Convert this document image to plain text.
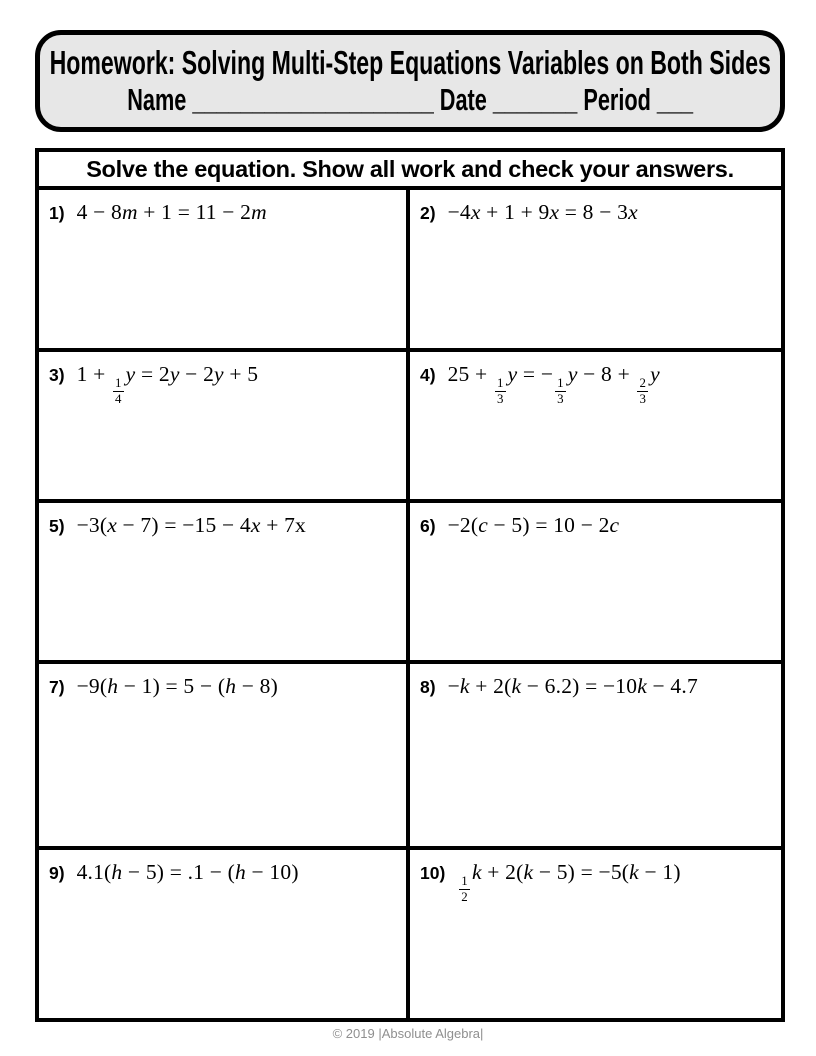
Homework: Solving Multi-Step Equations Variables on Both Sides
Name ____________________ Date _______ Period ___
Solve the equation. Show all work and check your answers.
1) 4 − 8m + 1 = 11 − 2m	2) −4x + 1 + 9x = 8 − 3x
3) 1 +
$\frac{1}{4}$
y = 2y − 2y + 5	4) 25 +
$\frac{1}{3}$
y = −
$\frac{1}{3}$
y − 8 +
$\frac{2}{3}$
y
5) −3(x − 7) = −15 − 4x + 7x	6) −2(c − 5) = 10 − 2c
7) −9(h − 1) = 5 − (h − 8)	8) −k + 2(k − 6.2) = −10k − 4.7
9) 4.1(h − 5) = .1 − (h − 10)	10)
$\frac{1}{2}$
k + 2(k − 5) = −5(k − 1)
© 2019 |Absolute Algebra|
